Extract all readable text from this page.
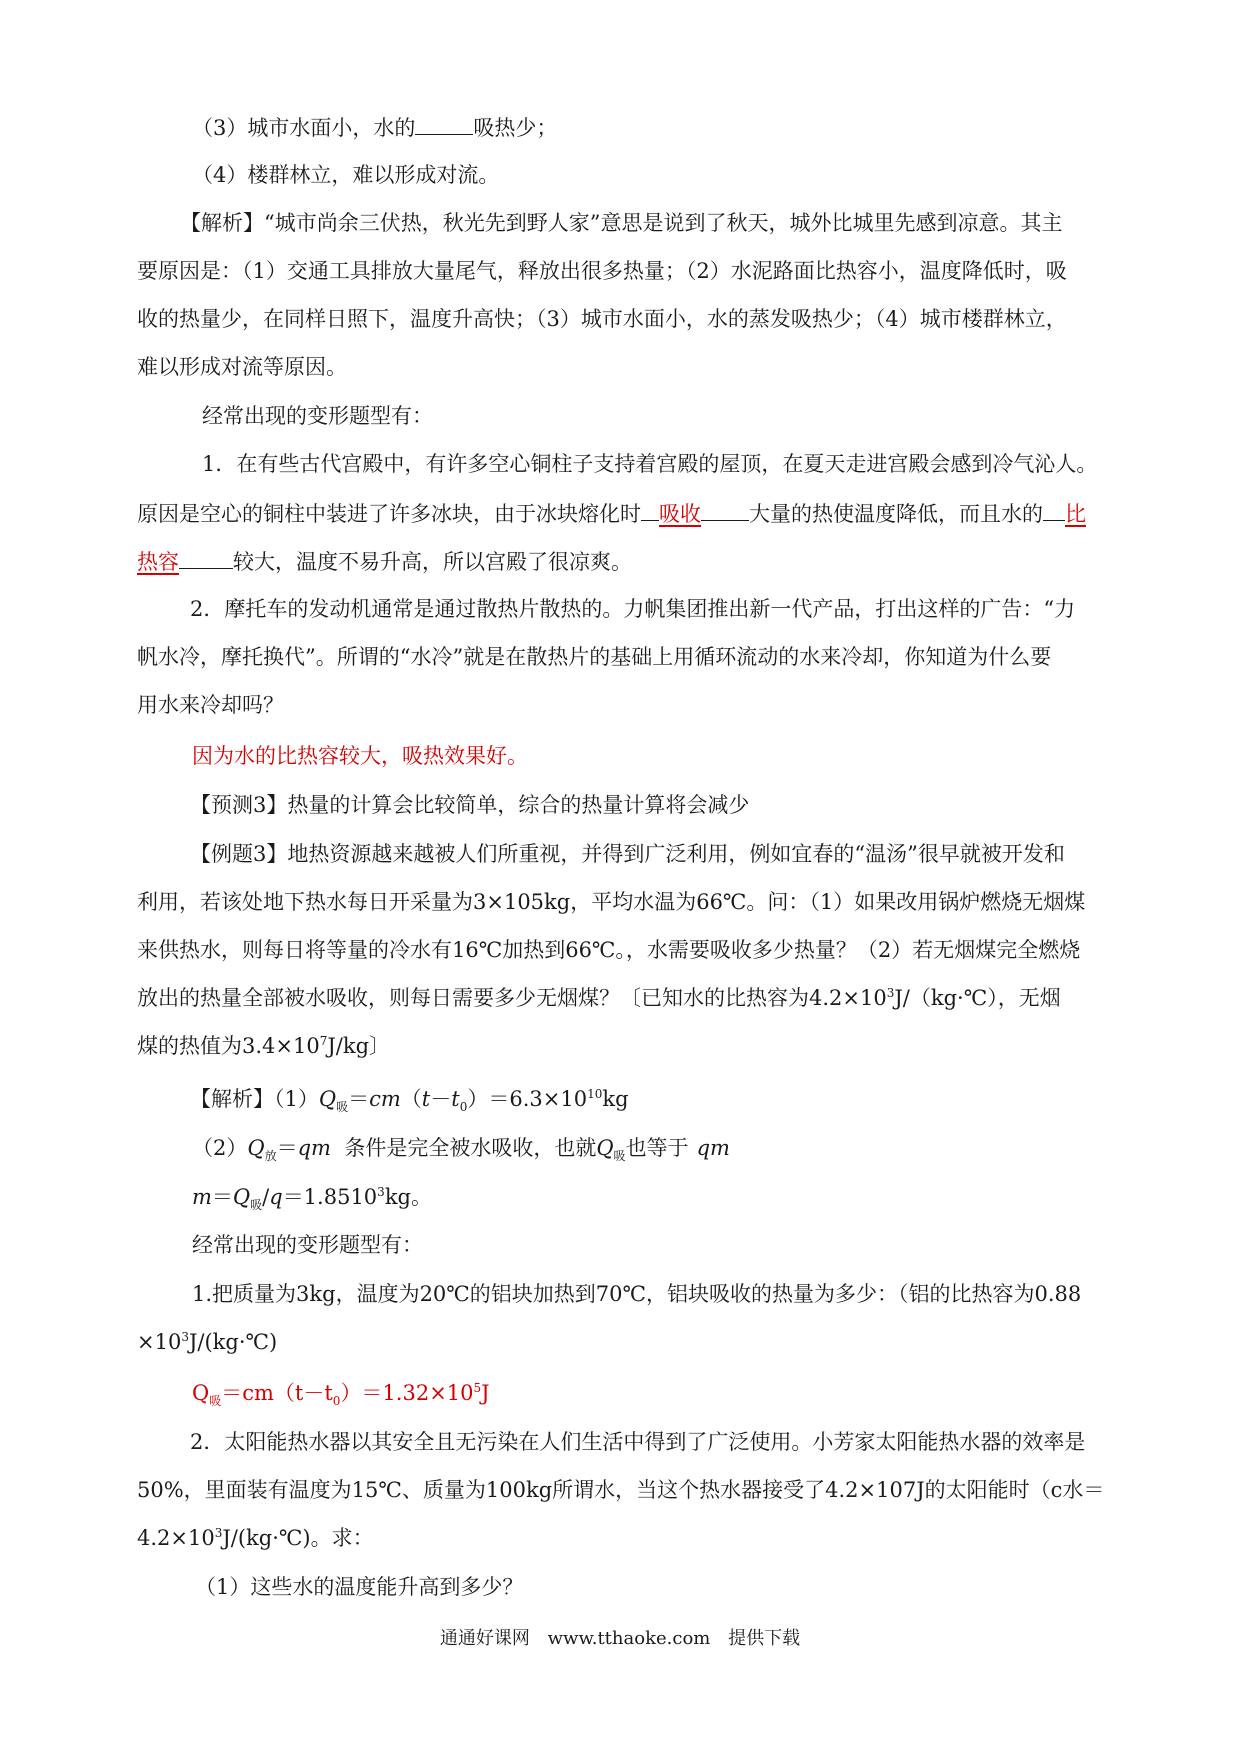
（3）城市水面小，水的	吸热少；
（4）楼群林立，难以形成对流。
【解析】“城市尚余三伏热，秋光先到野人家”意思是说到了秋天，城外比城里先感到凉意。其主
要原因是：（1）交通工具排放大量尾气，释放出很多热量；（2）水泥路面比热容小，温度降低时，吸
收的热量少，在同样日照下，温度升高快；（3）城市水面小，水的蒸发吸热少；（4）城市楼群林立，
难以形成对流等原因。
经常出现的变形题型有：
1．在有些古代宫殿中，有许多空心铜柱子支持着宫殿的屋顶，在夏天走进宫殿会感到冷气沁人。
原因是空心的铜柱中装进了许多冰块，由于冰块熔化时 吸收 大量的热使温度降低，而且水的 比
热容	较大，温度不易升高，所以宫殿了很凉爽。
2．摩托车的发动机通常是通过散热片散热的。力帆集团推出新一代产品，打出这样的广告：“力
帆水冷，摩托换代”。所谓的“水冷”就是在散热片的基础上用循环流动的水来冷却，你知道为什么要
用水来冷却吗？
因为水的比热容较大，吸热效果好。
【预测3】热量的计算会比较简单，综合的热量计算将会减少
【例题3】地热资源越来越被人们所重视，并得到广泛利用，例如宜春的“温汤”很早就被开发和
利用，若该处地下热水每日开采量为3×105kg，平均水温为66℃。问：（1）如果改用锅炉燃烧无烟煤
来供热水，则每日将等量的冷水有16℃加热到66℃。，水需要吸收多少热量？（2）若无烟煤完全燃烧
放出的热量全部被水吸收，则每日需要多少无烟煤？〔已知水的比热容为$4.2\times 10^3J/(kg\cdot℃)$，无烟
煤的热值为$3.4\times 10^7J/kg$〕
【解析】$(1)Q_吸=cm(t-t_0)=6.3\times 10^{10}kg$
$(2)Q_放=qm$  条件是完全被水吸收，也就$Q_吸$也等于 qm
$m=Q_吸/q=1.8510^3kg$。
经常出现的变形题型有：
1.把质量为3kg，温度为20℃的铝块加热到70℃，铝块吸收的热量为多少：（铝的比热容为0.88
$\times 10^3J/(kg\cdot℃)$
$Q_吸=cm(t-t_0)=1.32\times 10^5J$
2．太阳能热水器以其安全且无污染在人们生活中得到了广泛使用。小芳家太阳能热水器的效率是
50%，里面装有温度为15℃、质量为100kg所谓水，当这个热水器接受了4.2×107J的太阳能时（c水＝
$4.2\times 10^3J/(kg\cdot℃)$。求：
（1）这些水的温度能升高到多少？
通通好课网 www.tthaoke.com 提供下载
